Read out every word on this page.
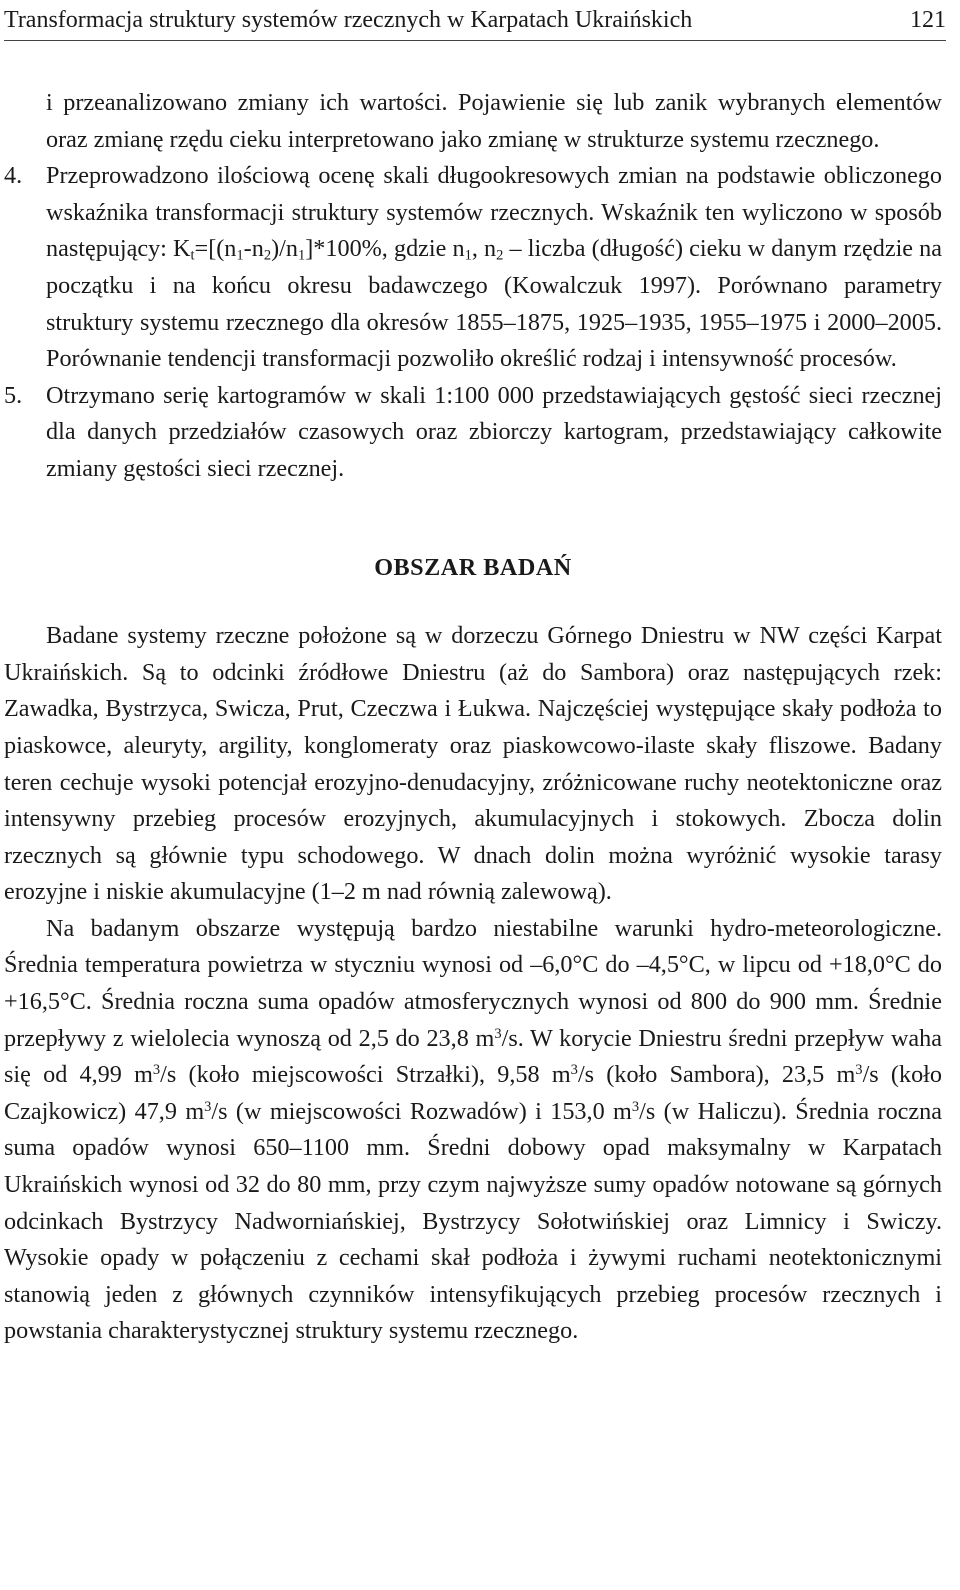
Transformacja struktury systemów rzecznych w Karpatach Ukraińskich	121

i przeanalizowano zmiany ich wartości. Pojawienie się lub zanik wybranych elementów oraz zmianę rzędu cieku interpretowano jako zmianę w strukturze systemu rzecznego.

4. Przeprowadzono ilościową ocenę skali długookresowych zmian na podstawie obliczonego wskaźnika transformacji struktury systemów rzecznych. Wskaźnik ten wyliczono w sposób następujący: $K_t=[(n_1-n_2)/n_1]*100\%$, gdzie $n_1$, $n_2$ – liczba (długość) cieku w danym rzędzie na początku i na końcu okresu badawczego (Kowalczuk 1997). Porównano parametry struktury systemu rzecznego dla okresów 1855–1875, 1925–1935, 1955–1975 i 2000–2005. Porównanie tendencji transformacji pozwoliło określić rodzaj i intensywność procesów.

5. Otrzymano serię kartogramów w skali 1:100 000 przedstawiających gęstość sieci rzecznej dla danych przedziałów czasowych oraz zbiorczy kartogram, przedstawiający całkowite zmiany gęstości sieci rzecznej.

OBSZAR BADAŃ

Badane systemy rzeczne położone są w dorzeczu Górnego Dniestru w NW części Karpat Ukraińskich. Są to odcinki źródłowe Dniestru (aż do Sambora) oraz następujących rzek: Zawadka, Bystrzyca, Swicza, Prut, Czeczwa i Łukwa. Najczęściej występujące skały podłoża to piaskowce, aleuryty, argility, konglomeraty oraz piaskowcowo-ilaste skały fliszowe. Badany teren cechuje wysoki potencjał erozyjno-denudacyjny, zróżnicowane ruchy neotektoniczne oraz intensywny przebieg procesów erozyjnych, akumulacyjnych i stokowych. Zbocza dolin rzecznych są głównie typu schodowego. W dnach dolin można wyróżnić wysokie tarasy erozyjne i niskie akumulacyjne (1–2 m nad równią zalewową).

Na badanym obszarze występują bardzo niestabilne warunki hydro-meteorologiczne. Średnia temperatura powietrza w styczniu wynosi od –6,0°C do –4,5°C, w lipcu od +18,0°C do +16,5°C. Średnia roczna suma opadów atmosferycznych wynosi od 800 do 900 mm. Średnie przepływy z wielolecia wynoszą od 2,5 do 23,8 $m^3/s$. W korycie Dniestru średni przepływ waha się od 4,99 $m^3/s$ (koło miejscowości Strzałki), 9,58 $m^3/s$ (koło Sambora), 23,5 $m^3/s$ (koło Czajkowicz) 47,9 $m^3/s$ (w miejscowości Rozwadów) i 153,0 $m^3/s$ (w Haliczu). Średnia roczna suma opadów wynosi 650–1100 mm. Średni dobowy opad maksymalny w Karpatach Ukraińskich wynosi od 32 do 80 mm, przy czym najwyższe sumy opadów notowane są górnych odcinkach Bystrzycy Nadworniańskiej, Bystrzycy Sołotwińskiej oraz Limnicy i Swiczy. Wysokie opady w połączeniu z cechami skał podłoża i żywymi ruchami neotektonicznymi stanowią jeden z głównych czynników intensyfikujących przebieg procesów rzecznych i powstania charakterystycznej struktury systemu rzecznego.
